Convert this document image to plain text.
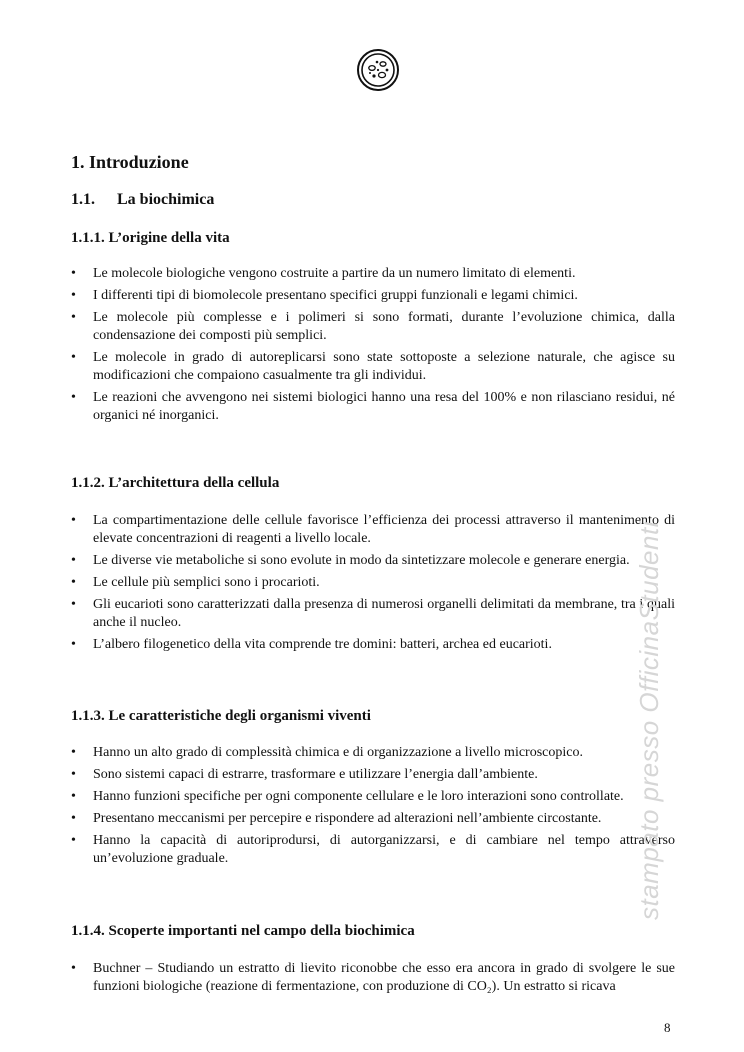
1. Introduzione
1.1. La biochimica
1.1.1. L’origine della vita
• Le molecole biologiche vengono costruite a partire da un numero limitato di elementi.
• I differenti tipi di biomolecole presentano specifici gruppi funzionali e legami chimici.
• Le molecole più complesse e i polimeri si sono formati, durante l’evoluzione chimica, dalla condensazione dei composti più semplici.
• Le molecole in grado di autoreplicarsi sono state sottoposte a selezione naturale, che agisce su modificazioni che compaiono casualmente tra gli individui.
• Le reazioni che avvengono nei sistemi biologici hanno una resa del 100% e non rilasciano residui, né organici né inorganici.
1.1.2. L’architettura della cellula
• La compartimentazione delle cellule favorisce l’efficienza dei processi attraverso il mantenimento di elevate concentrazioni di reagenti a livello locale.
• Le diverse vie metaboliche si sono evolute in modo da sintetizzare molecole e generare energia.
• Le cellule più semplici sono i procarioti.
• Gli eucarioti sono caratterizzati dalla presenza di numerosi organelli delimitati da membrane, tra i quali anche il nucleo.
• L’albero filogenetico della vita comprende tre domini: batteri, archea ed eucarioti.
1.1.3. Le caratteristiche degli organismi viventi
• Hanno un alto grado di complessità chimica e di organizzazione a livello microscopico.
• Sono sistemi capaci di estrarre, trasformare e utilizzare l’energia dall’ambiente.
• Hanno funzioni specifiche per ogni componente cellulare e le loro interazioni sono controllate.
• Presentano meccanismi per percepire e rispondere ad alterazioni nell’ambiente circostante.
• Hanno la capacità di autoriprodursi, di autorganizzarsi, e di cambiare nel tempo attraverso un’evoluzione graduale.
1.1.4. Scoperte importanti nel campo della biochimica
• Buchner – Studiando un estratto di lievito riconobbe che esso era ancora in grado di svolgere le sue funzioni biologiche (reazione di fermentazione, con produzione di CO₂). Un estratto si ricava
stampato presso OfficinaStudenti
8
